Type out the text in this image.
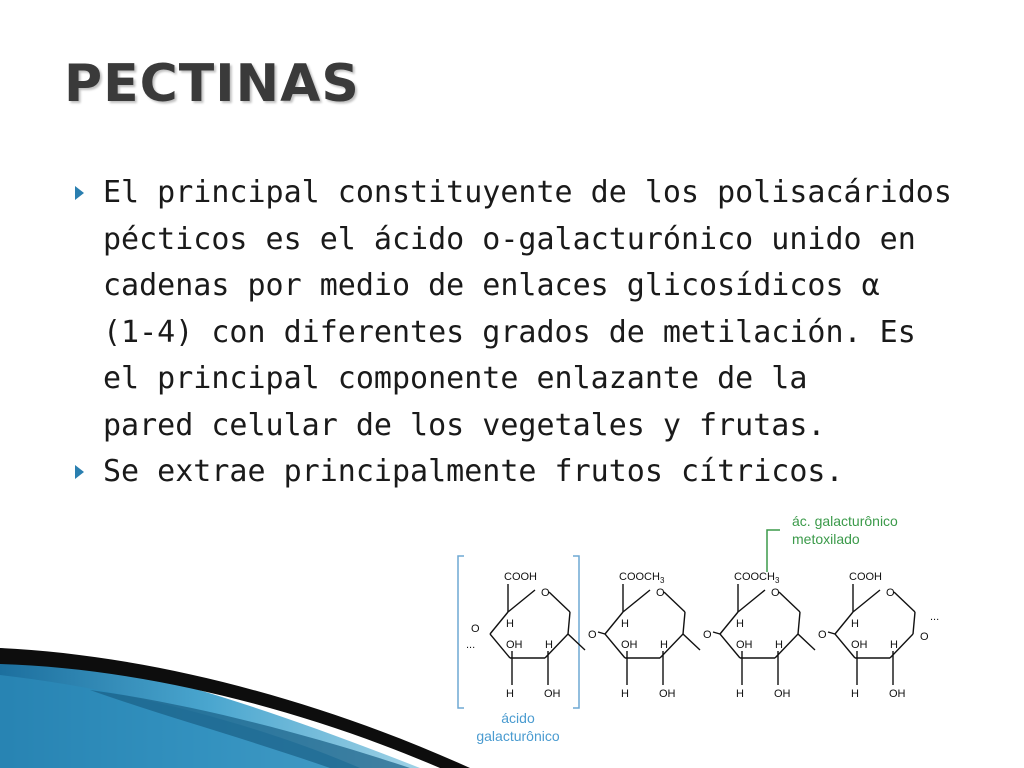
PECTINAS
El principal constituyente de los polisacáridos
pécticos es el ácido o-galacturónico unido en
cadenas por medio de enlaces glicosídicos α
(1-4) con diferentes grados de metilación. Es
el principal componente enlazante de la
pared celular de los vegetales y frutas.
Se extrae principalmente frutos cítricos.
ác. galacturônico
metoxilado
ácido
galacturônico
COOH
O
H
OH
H
H
OH
O
$COOCH_3$
O
H
OH
H
H
OH
O
$COOCH_3$
O
H
OH
H
H
OH
O
COOH
O
H
OH
H
H
OH
O
...
O
...
